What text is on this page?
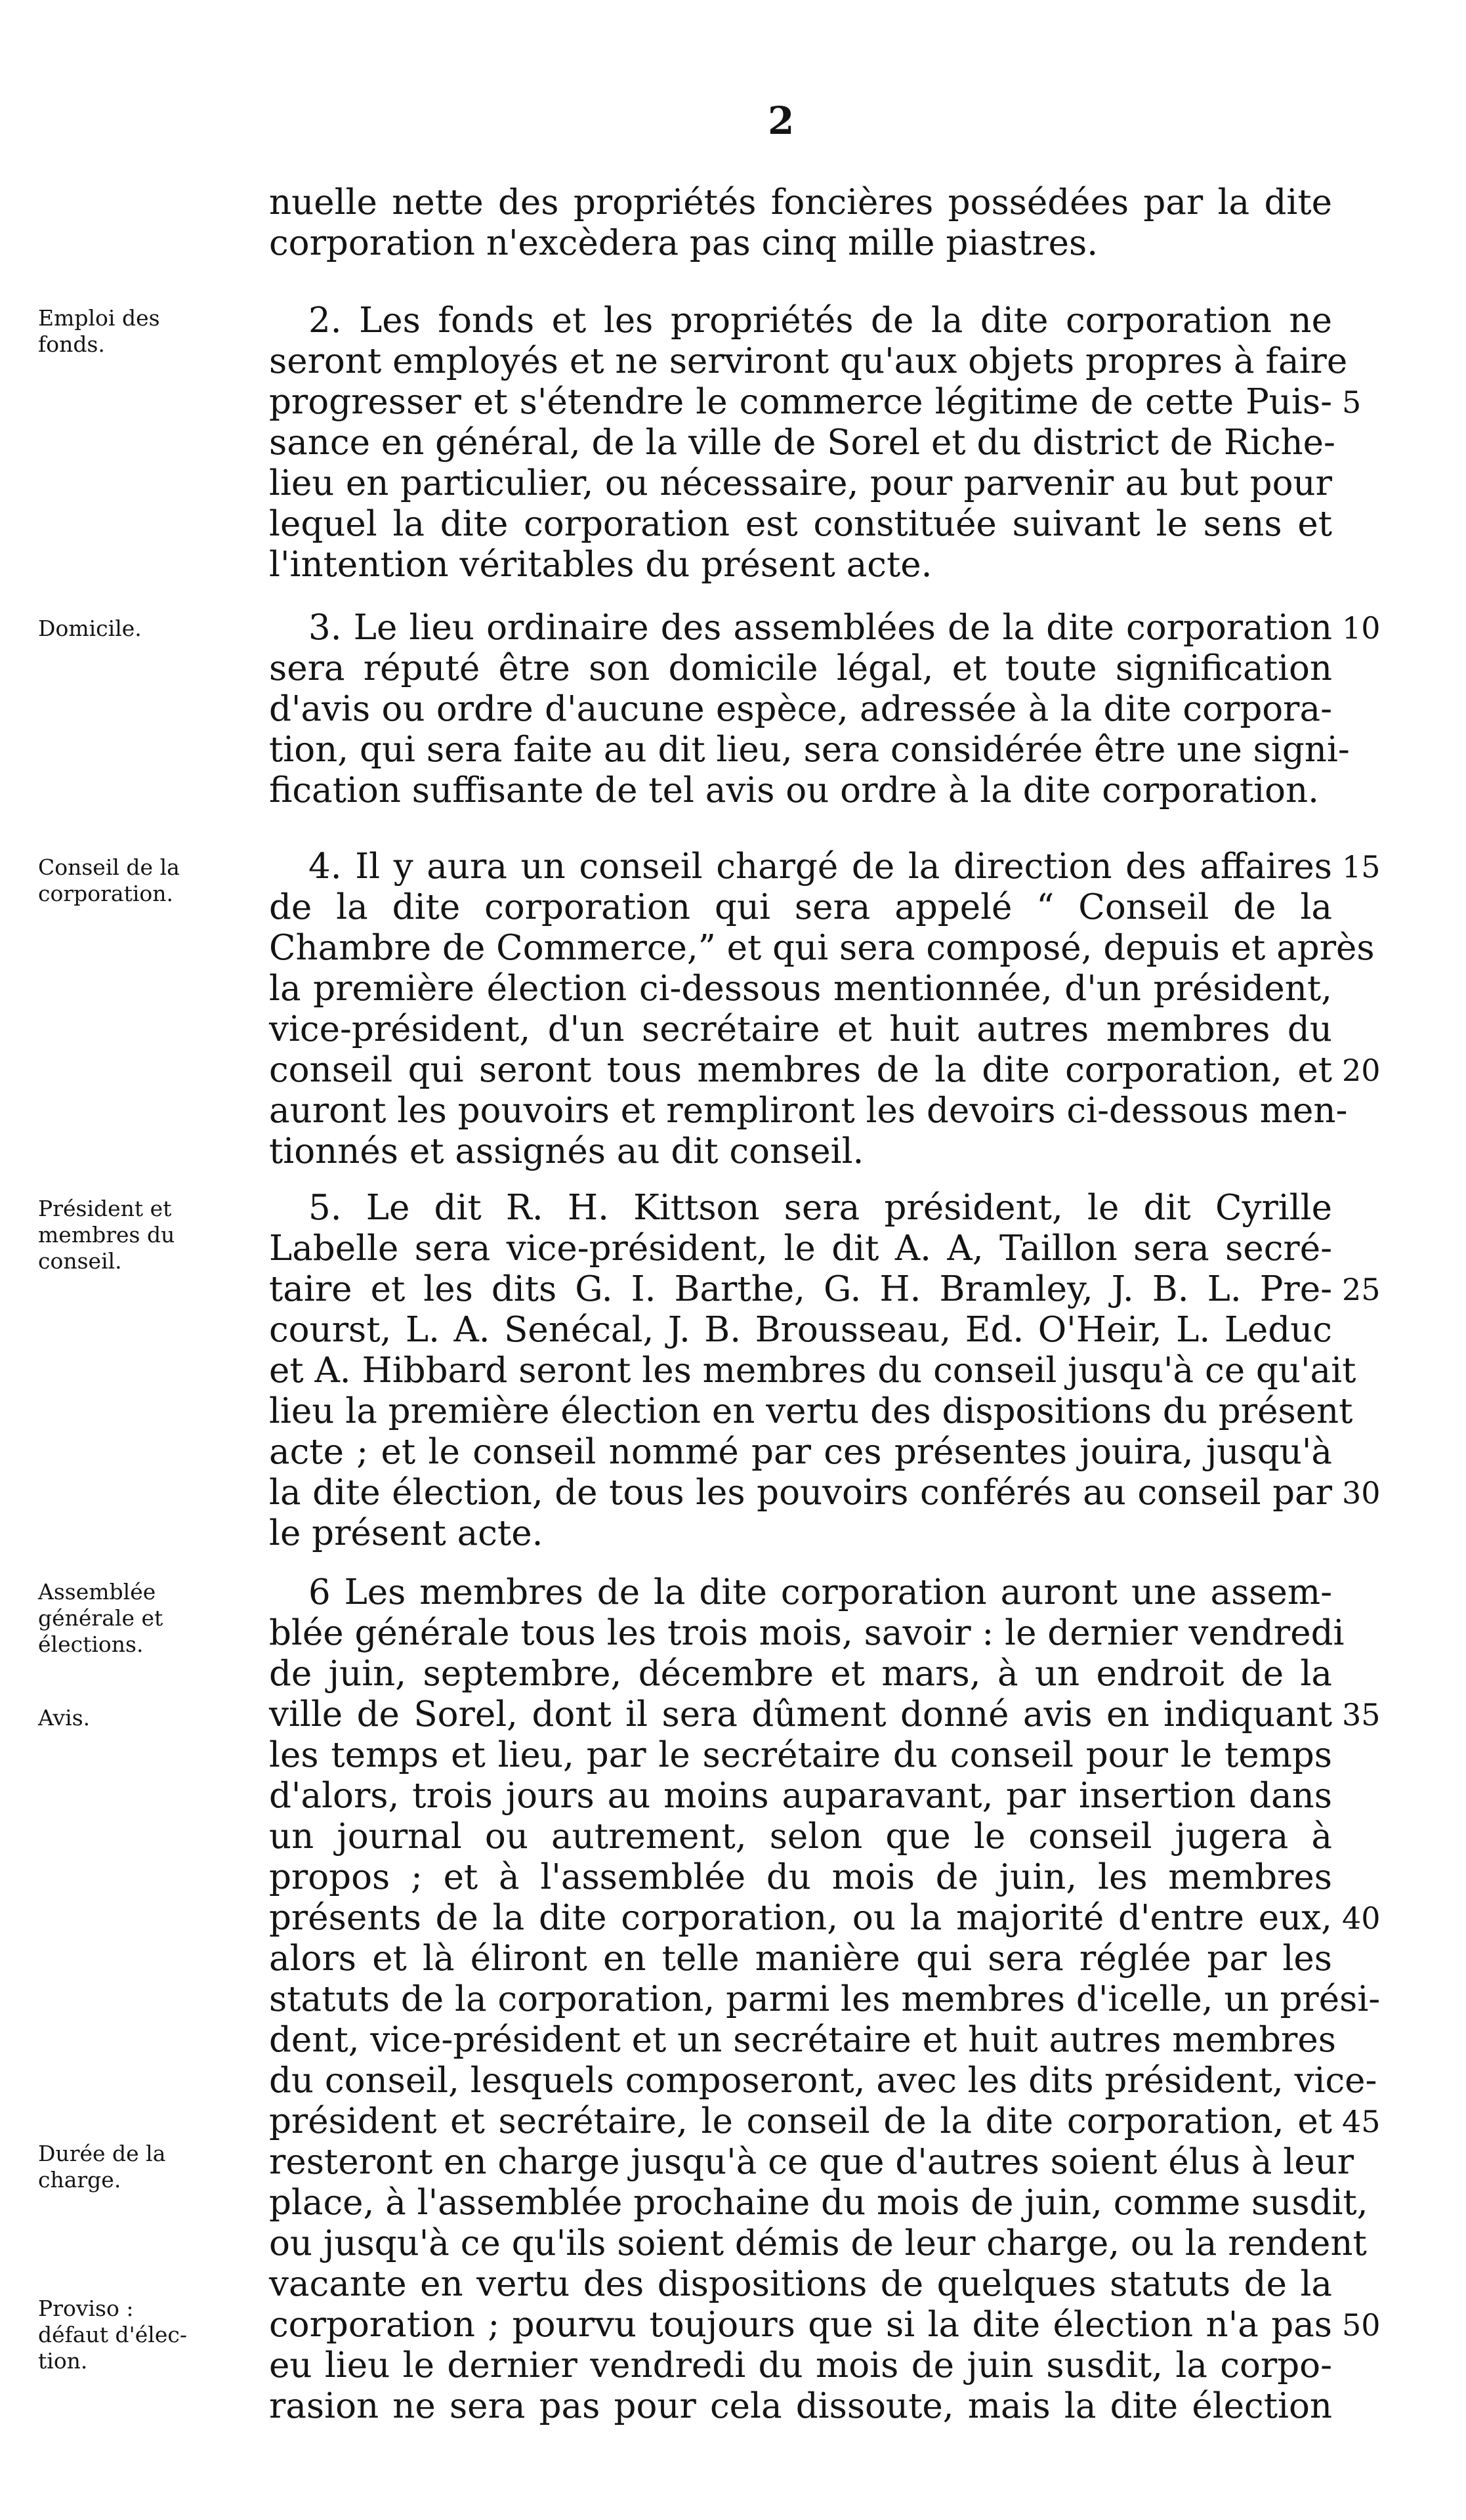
2
nuelle nette des propriétés foncières possédées par la dite
corporation n'excèdera pas cinq mille piastres.
2. Les fonds et les propriétés de la dite corporation ne
seront employés et ne serviront qu'aux objets propres à faire
progresser et s'étendre le commerce légitime de cette Puis-
sance en général, de la ville de Sorel et du district de Riche-
lieu en particulier, ou nécessaire, pour parvenir au but pour
lequel la dite corporation est constituée suivant le sens et
l'intention véritables du présent acte.
3. Le lieu ordinaire des assemblées de la dite corporation
sera réputé être son domicile légal, et toute signification
d'avis ou ordre d'aucune espèce, adressée à la dite corpora-
tion, qui sera faite au dit lieu, sera considérée être une signi-
fication suffisante de tel avis ou ordre à la dite corporation.
4. Il y aura un conseil chargé de la direction des affaires
de la dite corporation qui sera appelé “ Conseil de la
Chambre de Commerce,” et qui sera composé, depuis et après
la première élection ci-dessous mentionnée, d'un président,
vice-président, d'un secrétaire et huit autres membres du
conseil qui seront tous membres de la dite corporation, et
auront les pouvoirs et rempliront les devoirs ci-dessous men-
tionnés et assignés au dit conseil.
5. Le dit R. H. Kittson sera président, le dit Cyrille
Labelle sera vice-président, le dit A. A, Taillon sera secré-
taire et les dits G. I. Barthe, G. H. Bramley, J. B. L. Pre-
courst, L. A. Senécal, J. B. Brousseau, Ed. O'Heir, L. Leduc
et A. Hibbard seront les membres du conseil jusqu'à ce qu'ait
lieu la première élection en vertu des dispositions du présent
acte ; et le conseil nommé par ces présentes jouira, jusqu'à
la dite élection, de tous les pouvoirs conférés au conseil par
le présent acte.
6 Les membres de la dite corporation auront une assem-
blée générale tous les trois mois, savoir : le dernier vendredi
de juin, septembre, décembre et mars, à un endroit de la
ville de Sorel, dont il sera dûment donné avis en indiquant
les temps et lieu, par le secrétaire du conseil pour le temps
d'alors, trois jours au moins auparavant, par insertion dans
un journal ou autrement, selon que le conseil jugera à
propos ; et à l'assemblée du mois de juin, les membres
présents de la dite corporation, ou la majorité d'entre eux,
alors et là éliront en telle manière qui sera réglée par les
statuts de la corporation, parmi les membres d'icelle, un prési-
dent, vice-président et un secrétaire et huit autres membres
du conseil, lesquels composeront, avec les dits président, vice-
président et secrétaire, le conseil de la dite corporation, et
resteront en charge jusqu'à ce que d'autres soient élus à leur
place, à l'assemblée prochaine du mois de juin, comme susdit,
ou jusqu'à ce qu'ils soient démis de leur charge, ou la rendent
vacante en vertu des dispositions de quelques statuts de la
corporation ; pourvu toujours que si la dite élection n'a pas
eu lieu le dernier vendredi du mois de juin susdit, la corpo-
rasion ne sera pas pour cela dissoute, mais la dite élection
Emploi des
fonds.
Domicile.
Conseil de la
corporation.
Président et
membres du
conseil.
Assemblée
générale et
élections.
Avis.
Durée de la
charge.
Proviso :
défaut d'élec-
tion.
5
10
15
20
25
30
35
40
45
50
